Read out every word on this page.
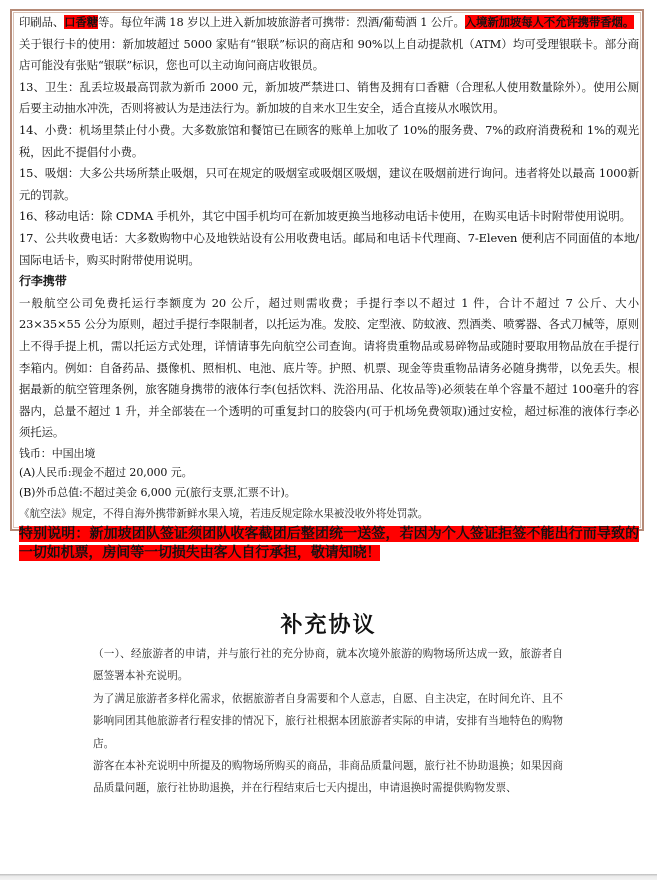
印刷品、口香糖等。每位年满 18 岁以上进入新加坡旅游者可携带：烈酒/葡萄酒 1 公斤。入境新加坡每人不允许携带香烟。

关于银行卡的使用：新加坡超过 5000 家贴有“银联”标识的商店和 90%以上自动提款机（ATM）均可受理银联卡。部分商店可能没有张贴“银联”标识，您也可以主动询问商店收银员。

13、卫生：乱丢垃圾最高罚款为新币 2000 元，新加坡严禁进口、销售及拥有口香糖（合理私人使用数量除外）。使用公厕后要主动抽水冲洗，否则将被认为是违法行为。新加坡的自来水卫生安全，适合直接从水喉饮用。

14、小费：机场里禁止付小费。大多数旅馆和餐馆已在顾客的账单上加收了 10%的服务费、7%的政府消费税和 1%的观光税，因此不提倡付小费。

15、吸烟：大多公共场所禁止吸烟，只可在规定的吸烟室或吸烟区吸烟，建议在吸烟前进行询问。违者将处以最高 1000新元的罚款。

16、移动电话：除 CDMA 手机外，其它中国手机均可在新加坡更换当地移动电话卡使用，在购买电话卡时附带使用说明。

17、公共收费电话：大多数购物中心及地铁站设有公用收费电话。邮局和电话卡代理商、7-Eleven 便利店不同面值的本地/国际电话卡，购买时附带使用说明。

行李携带

一般航空公司免费托运行李额度为 20 公斤，超过则需收费；手提行李以不超过 1 件，合计不超过 7 公斤、大小 23×35×55 公分为原则，超过手提行李限制者，以托运为准。发胶、定型液、防蚊液、烈酒类、喷雾器、各式刀械等，原则上不得手提上机，需以托运方式处理，详情请事先向航空公司查询。请将贵重物品或易碎物品或随时要取用物品放在手提行李箱内。例如：自备药品、摄像机、照相机、电池、底片等。护照、机票、现金等贵重物品请务必随身携带，以免丢失。根据最新的航空管理条例，旅客随身携带的液体行李(包括饮料、洗浴用品、化妆品等)必须装在单个容量不超过 100毫升的容器内，总量不超过 1 升，并全部装在一个透明的可重复封口的胶袋内(可于机场免费领取)通过安检，超过标准的液体行李必须托运。

钱币：中国出境

(A)人民币:现金不超过 20,000 元。

(B)外币总值:不超过美金 6,000 元(旅行支票,汇票不计)。

《航空法》规定，不得自海外携带新鲜水果入境，若违反规定除水果被没收外将处罚款。

特别说明：新加坡团队签证须团队收客截团后整团统一送签，若因为个人签证拒签不能出行而导致的一切如机票，房间等一切损失由客人自行承担，敬请知晓！

补充协议

（一）、经旅游者的申请，并与旅行社的充分协商，就本次境外旅游的购物场所达成一致，旅游者自愿签署本补充说明。

为了满足旅游者多样化需求，依据旅游者自身需要和个人意志，自愿、自主决定，在时间允许、且不影响同团其他旅游者行程安排的情况下，旅行社根据本团旅游者实际的申请，安排有当地特色的购物店。

游客在本补充说明中所提及的购物场所购买的商品，非商品质量问题，旅行社不协助退换；如果因商品质量问题，旅行社协助退换，并在行程结束后七天内提出，申请退换时需提供购物发票、
